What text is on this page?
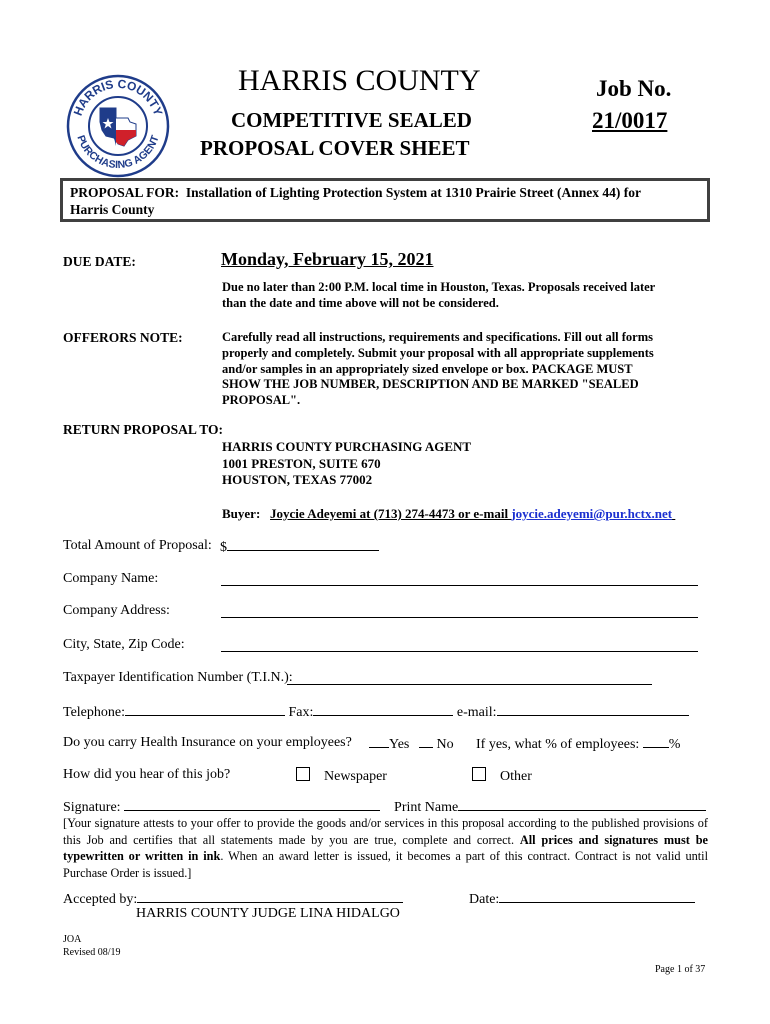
HARRIS COUNTY
PURCHASING AGENT
HARRIS COUNTY
COMPETITIVE SEALED
PROPOSAL COVER SHEET
Job No.
21/0017
PROPOSAL FOR: Installation of Lighting Protection System at 1310 Prairie Street (Annex 44) for
Harris County
DUE DATE:	Monday, February 15, 2021
Due no later than 2:00 P.M. local time in Houston, Texas. Proposals received later
than the date and time above will not be considered.
OFFERORS NOTE:	Carefully read all instructions, requirements and specifications. Fill out all forms
properly and completely. Submit your proposal with all appropriate supplements
and/or samples in an appropriately sized envelope or box. PACKAGE MUST
SHOW THE JOB NUMBER, DESCRIPTION AND BE MARKED "SEALED
PROPOSAL".
RETURN PROPOSAL TO:
HARRIS COUNTY PURCHASING AGENT
1001 PRESTON, SUITE 670
HOUSTON, TEXAS 77002
Buyer: Joycie Adeyemi at (713) 274-4473 or e-mail joycie.adeyemi@pur.hctx.net
Total Amount of Proposal: $
Company Name:
Company Address:
City, State, Zip Code:
Taxpayer Identification Number (T.I.N.):
Telephone:	Fax:	e-mail:
Do you carry Health Insurance on your employees?	Yes	No If yes, what % of employees: %
How did you hear of this job?	Newspaper	Other
Signature:	Print Name
[Your signature attests to your offer to provide the goods and/or services in this proposal according to the published provisions of this Job and certifies that all statements made by you are true, complete and correct. All prices and signatures must be typewritten or written in ink. When an award letter is issued, it becomes a part of this contract. Contract is not valid until Purchase Order is issued.]
Accepted by:	Date:
HARRIS COUNTY JUDGE LINA HIDALGO
JOA
Revised 08/19
Page 1 of 37
